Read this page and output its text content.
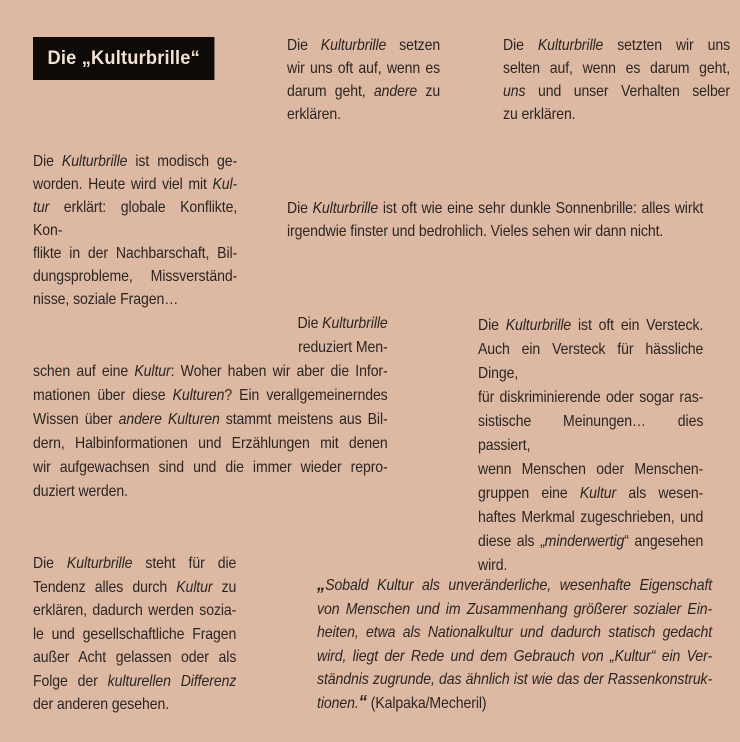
Die „Kulturbrille“
Die Kulturbrille setzen
wir uns oft auf, wenn es
darum geht, andere zu
erklären.
Die Kulturbrille setzten wir uns
selten auf, wenn es darum geht,
uns und unser Verhalten selber
zu erklären.
Die Kulturbrille ist modisch ge-
worden. Heute wird viel mit Kul-
tur erklärt: globale Konflikte, Kon-
flikte in der Nachbarschaft, Bil-
dungsprobleme, Missverständ-
nisse, soziale Fragen…
Die Kulturbrille ist oft wie eine sehr dunkle Sonnenbrille: alles wirkt
irgendwie finster und bedrohlich. Vieles sehen wir dann nicht.
Die Kulturbrille
reduziert Men-
schen auf eine Kultur: Woher haben wir aber die Infor-
mationen über diese Kulturen? Ein verallgemeinerndes
Wissen über andere Kulturen stammt meistens aus Bil-
dern, Halbinformationen und Erzählungen mit denen
wir aufgewachsen sind und die immer wieder repro-
duziert werden.
Die Kulturbrille ist oft ein Versteck.
Auch ein Versteck für hässliche Dinge,
für diskriminierende oder sogar ras-
sistische Meinungen… dies passiert,
wenn Menschen oder Menschen-
gruppen eine Kultur als wesen-
haftes Merkmal zugeschrieben, und
diese als „minderwertig“ angesehen
wird.
Die Kulturbrille steht für die
Tendenz alles durch Kultur zu
erklären, dadurch werden sozia-
le und gesellschaftliche Fragen
außer Acht gelassen oder als
Folge der kulturellen Differenz
der anderen gesehen.
„Sobald Kultur als unveränderliche, wesenhafte Eigenschaft
von Menschen und im Zusammenhang größerer sozialer Ein-
heiten, etwa als Nationalkultur und dadurch statisch gedacht
wird, liegt der Rede und dem Gebrauch von „Kultur“ ein Ver-
ständnis zugrunde, das ähnlich ist wie das der Rassenkonstruk-
tionen.“ (Kalpaka/Mecheril)
